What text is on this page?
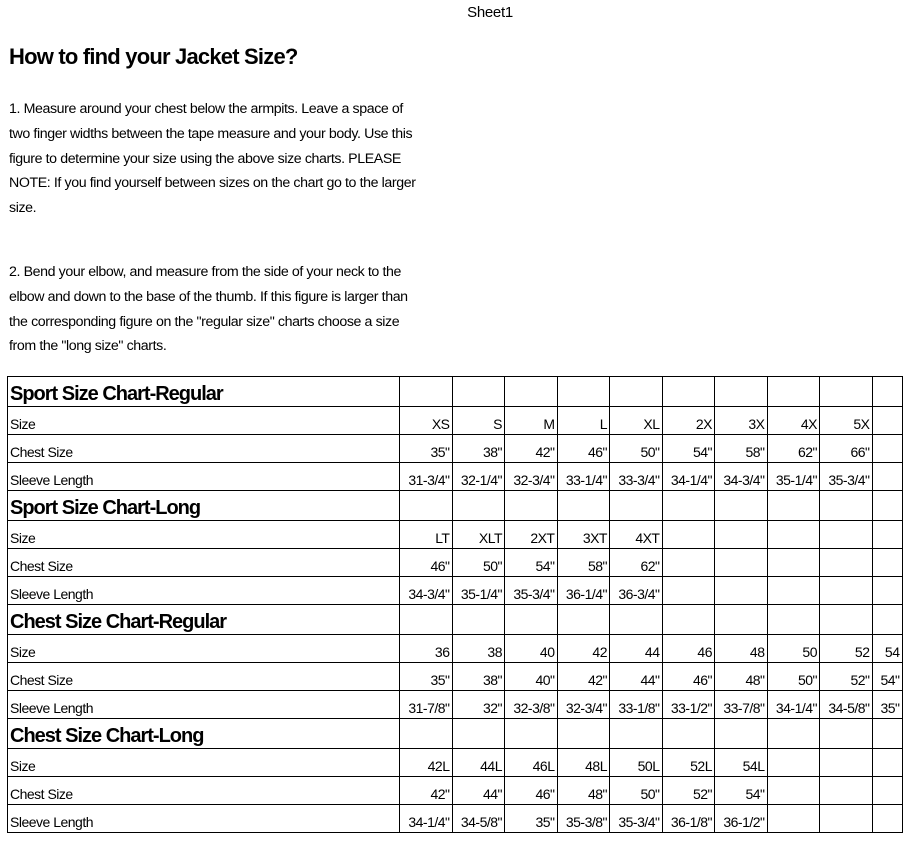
Sheet1
How to find your Jacket Size?

1. Measure around your chest below the armpits. Leave a space of two finger widths between the tape measure and your body. Use this figure to determine your size using the above size charts. PLEASE NOTE: If you find yourself between sizes on the chart go to the larger size.

2. Bend your elbow, and measure from the side of your neck to the elbow and down to the base of the thumb. If this figure is larger than the corresponding figure on the "regular size" charts choose a size from the "long size" charts.

Sport Size Chart-Regular										
Size	XS	S	M	L	XL	2X	3X	4X	5X	
Chest Size	35"	38"	42"	46"	50"	54"	58"	62"	66"	
Sleeve Length	31-3/4"	32-1/4"	32-3/4"	33-1/4"	33-3/4"	34-1/4"	34-3/4"	35-1/4"	35-3/4"	
Sport Size Chart-Long										
Size	LT	XLT	2XT	3XT	4XT					
Chest Size	46"	50"	54"	58"	62"					
Sleeve Length	34-3/4"	35-1/4"	35-3/4"	36-1/4"	36-3/4"					
Chest Size Chart-Regular										
Size	36	38	40	42	44	46	48	50	52	54
Chest Size	35"	38"	40"	42"	44"	46"	48"	50"	52"	54"
Sleeve Length	31-7/8"	32"	32-3/8"	32-3/4"	33-1/8"	33-1/2"	33-7/8"	34-1/4"	34-5/8"	35"
Chest Size Chart-Long										
Size	42L	44L	46L	48L	50L	52L	54L			
Chest Size	42"	44"	46"	48"	50"	52"	54"			
Sleeve Length	34-1/4"	34-5/8"	35"	35-3/8"	35-3/4"	36-1/8"	36-1/2"			
